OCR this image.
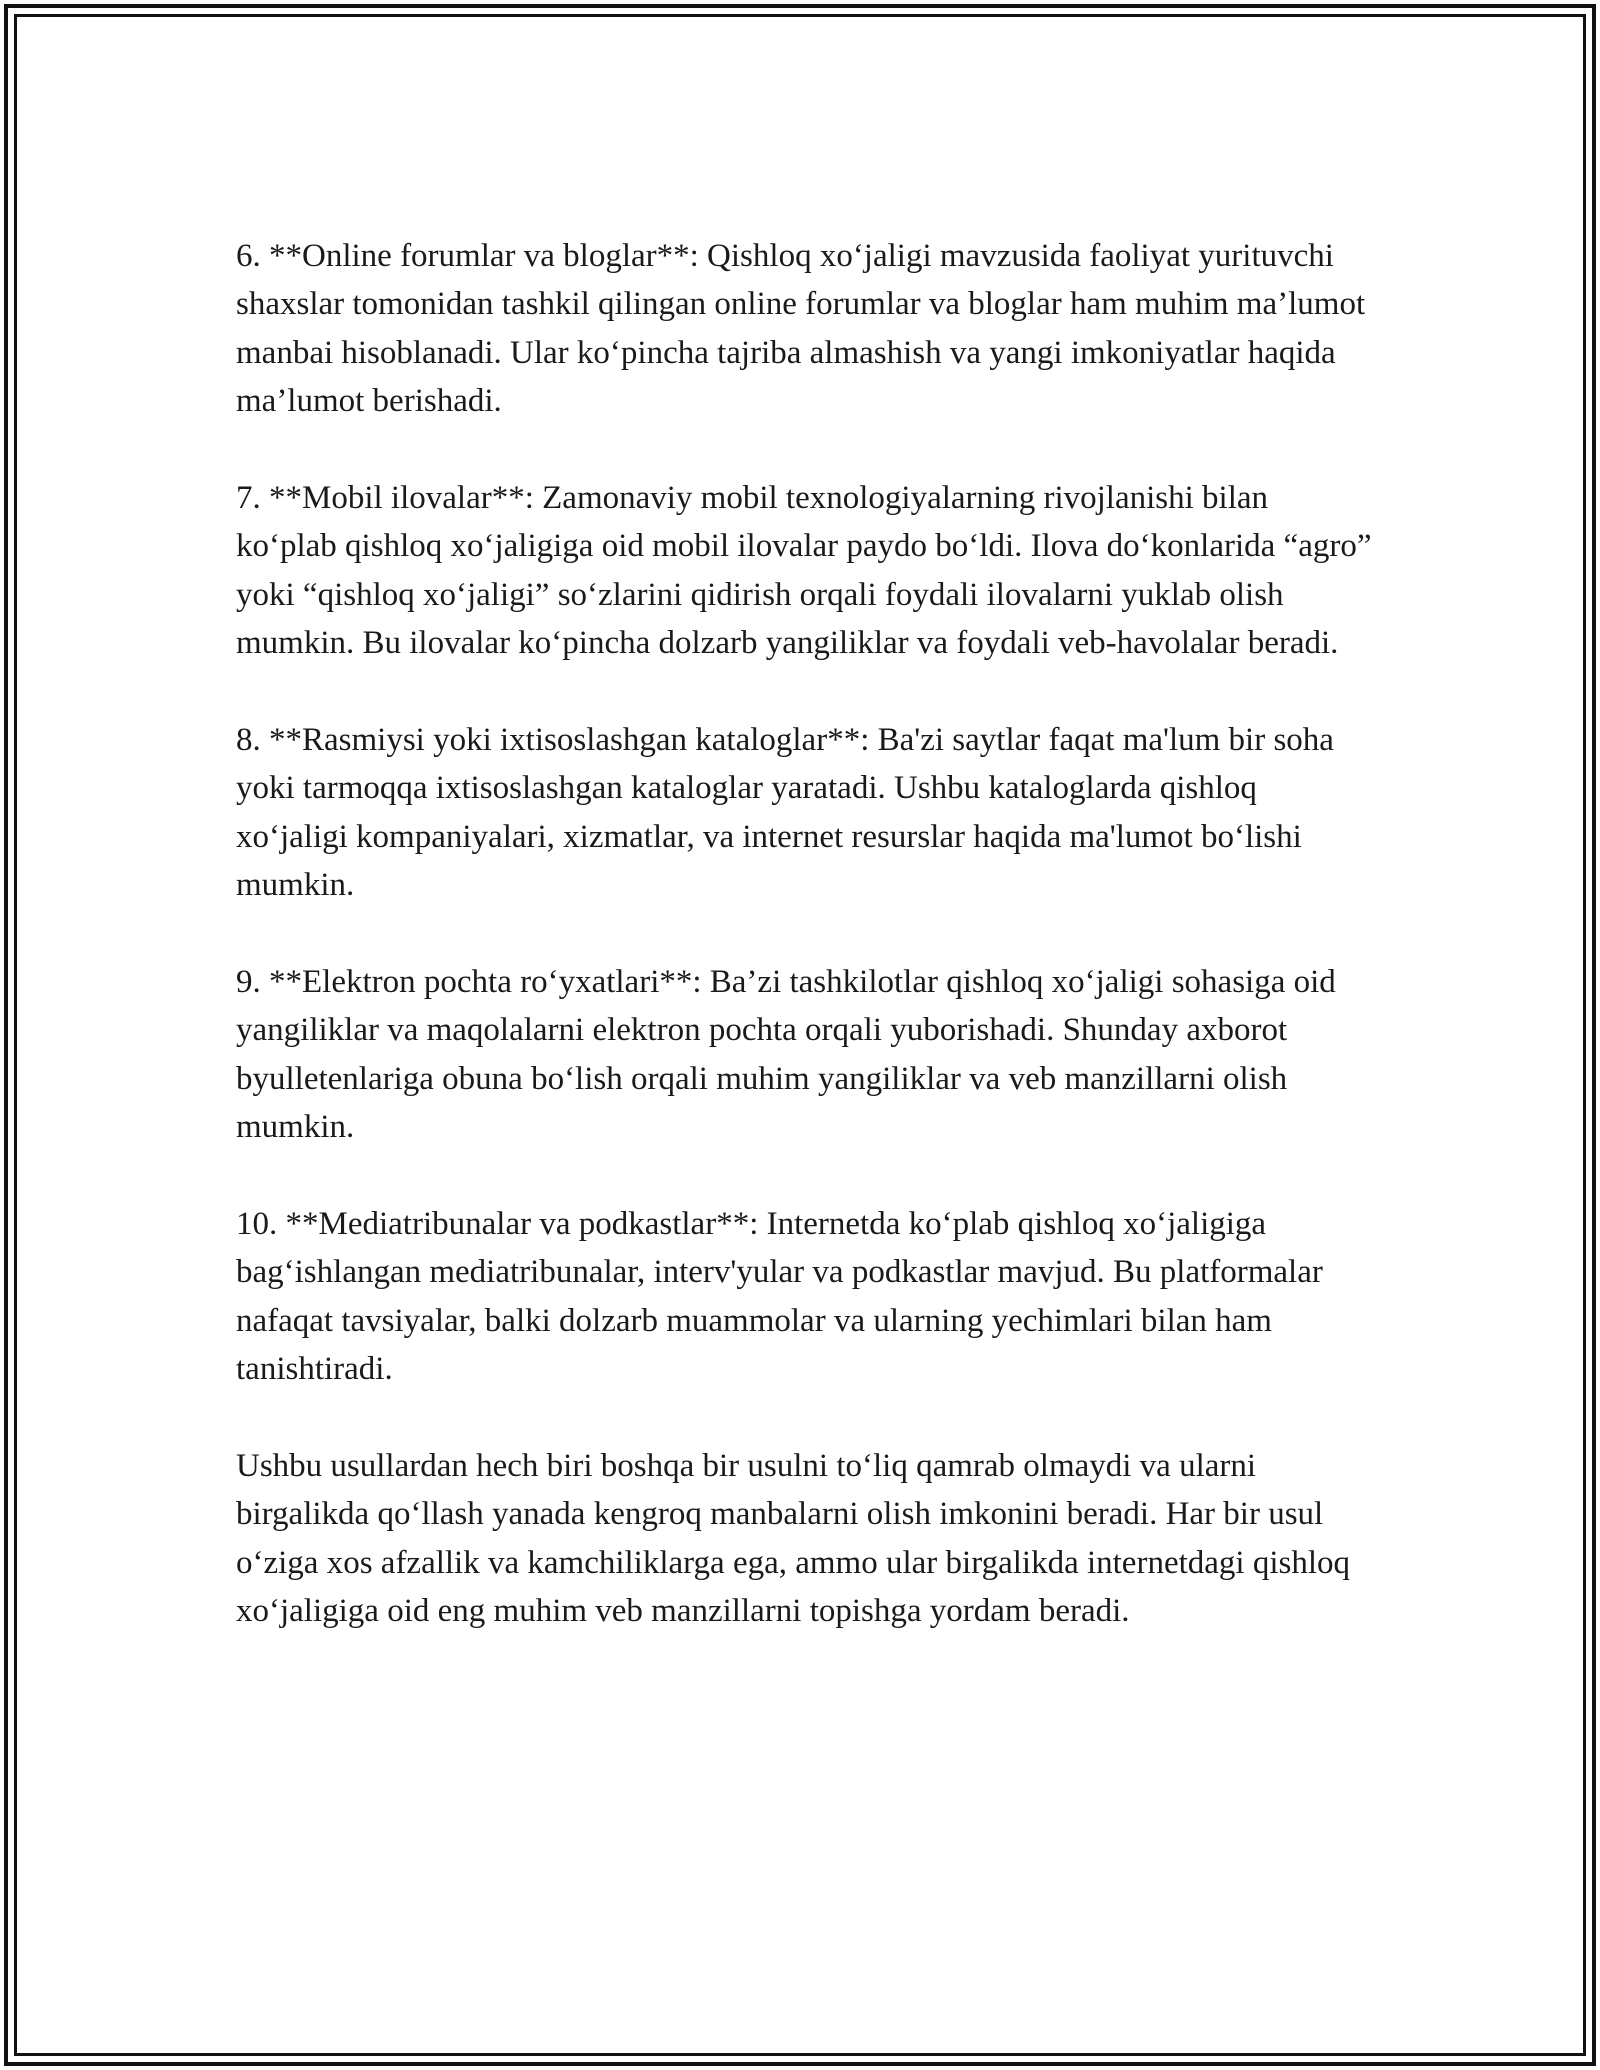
6. **Online forumlar va bloglar**: Qishloq xo‘jaligi mavzusida faoliyat yurituvchi shaxslar tomonidan tashkil qilingan online forumlar va bloglar ham muhim ma’lumot manbai hisoblanadi. Ular ko‘pincha tajriba almashish va yangi imkoniyatlar haqida ma’lumot berishadi.

7. **Mobil ilovalar**: Zamonaviy mobil texnologiyalarning rivojlanishi bilan ko‘plab qishloq xo‘jaligiga oid mobil ilovalar paydo bo‘ldi. Ilova do‘konlarida “agro” yoki “qishloq xo‘jaligi” so‘zlarini qidirish orqali foydali ilovalarni yuklab olish mumkin. Bu ilovalar ko‘pincha dolzarb yangiliklar va foydali veb-havolalar beradi.

8. **Rasmiysi yoki ixtisoslashgan kataloglar**: Ba'zi saytlar faqat ma'lum bir soha yoki tarmoqqa ixtisoslashgan kataloglar yaratadi. Ushbu kataloglarda qishloq xo‘jaligi kompaniyalari, xizmatlar, va internet resurslar haqida ma'lumot bo‘lishi mumkin.

9. **Elektron pochta ro‘yxatlari**: Ba’zi tashkilotlar qishloq xo‘jaligi sohasiga oid yangiliklar va maqolalarni elektron pochta orqali yuborishadi. Shunday axborot byulletenlariga obuna bo‘lish orqali muhim yangiliklar va veb manzillarni olish mumkin.

10. **Mediatribunalar va podkastlar**: Internetda ko‘plab qishloq xo‘jaligiga bag‘ishlangan mediatribunalar, interv'yular va podkastlar mavjud. Bu platformalar nafaqat tavsiyalar, balki dolzarb muammolar va ularning yechimlari bilan ham tanishtiradi.

Ushbu usullardan hech biri boshqa bir usulni to‘liq qamrab olmaydi va ularni birgalikda qo‘llash yanada kengroq manbalarni olish imkonini beradi. Har bir usul o‘ziga xos afzallik va kamchiliklarga ega, ammo ular birgalikda internetdagi qishloq xo‘jaligiga oid eng muhim veb manzillarni topishga yordam beradi.
